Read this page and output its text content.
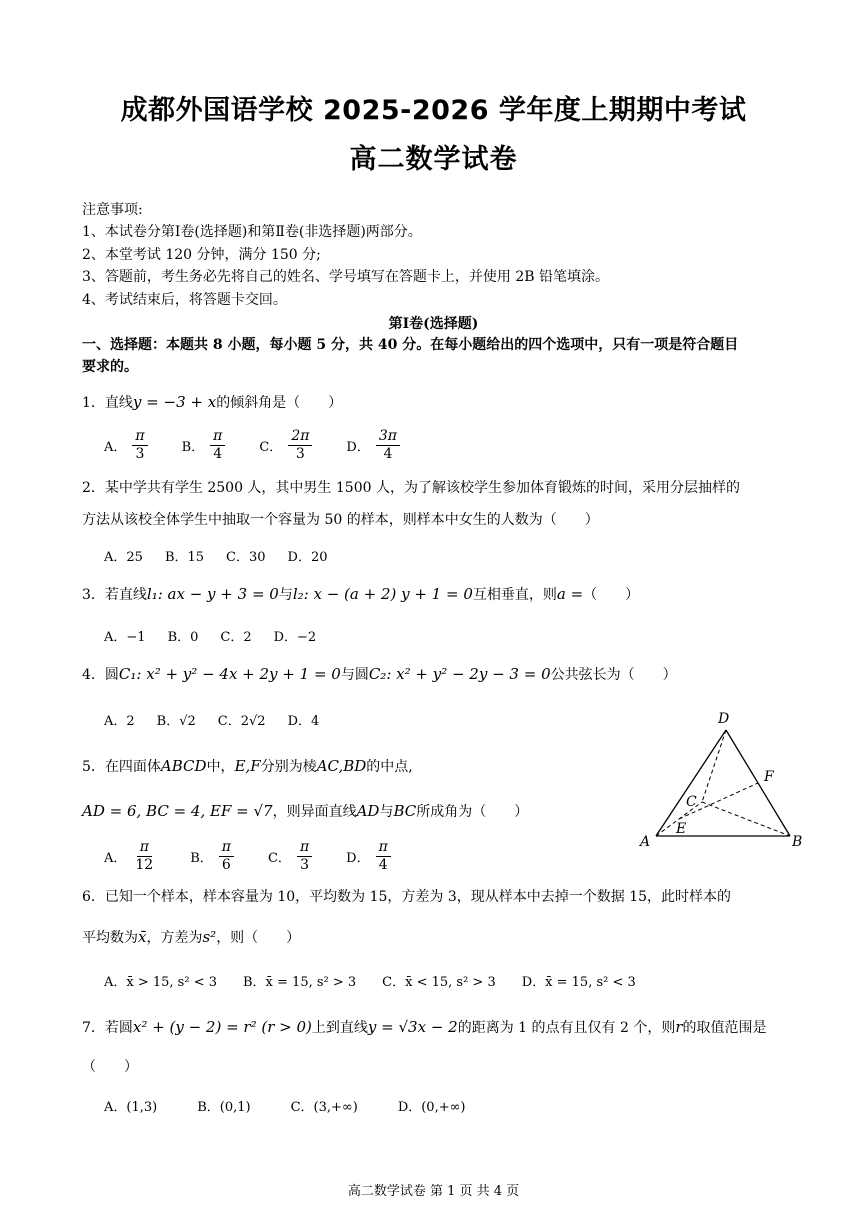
成都外国语学校 2025-2026 学年度上期期中考试
高二数学试卷
注意事项:
1、本试卷分第Ⅰ卷(选择题)和第Ⅱ卷(非选择题)两部分。
2、本堂考试 120 分钟，满分 150 分;
3、答题前，考生务必先将自己的姓名、学号填写在答题卡上，并使用 2B 铅笔填涂。
4、考试结束后，将答题卡交回。
第Ⅰ卷(选择题)
一、选择题：本题共 8 小题，每小题 5 分，共 40 分。在每小题给出的四个选项中，只有一项是符合题目
要求的。
1．直线y = −3 + x的倾斜角是（　　）
A． $\frac{\pi}{3}$	B． $\frac{\pi}{4}$	C． $\frac{2\pi}{3}$	D． $\frac{3\pi}{4}$
2．某中学共有学生 2500 人，其中男生 1500 人，为了解该校学生参加体育锻炼的时间，采用分层抽样的
方法从该校全体学生中抽取一个容量为 50 的样本，则样本中女生的人数为（　　）
A．25 B．15 C．30 D．20
3．若直线l₁: ax − y + 3 = 0与l₂: x − (a + 2) y + 1 = 0互相垂直，则a =（　　）
A．−1 B．0 C．2 D．−2
4．圆C₁: x² + y² − 4x + 2y + 1 = 0与圆C₂: x² + y² − 2y − 3 = 0公共弦长为（　　）
A．2 B．√2 C．2√2 D．4
5．在四面体ABCD中，E,F分别为棱AC,BD的中点,
AD = 6, BC = 4, EF = √7，则异面直线AD与BC所成角为（　　）
A． $\frac{\pi}{12}$	B． $\frac{\pi}{6}$	C． $\frac{\pi}{3}$	D． $\frac{\pi}{4}$
D
F
C
E
A	B
6．已知一个样本，样本容量为 10，平均数为 15，方差为 3，现从样本中去掉一个数据 15，此时样本的
平均数为x̄，方差为s²，则（　　）
A．x̄ > 15, s² < 3 B．x̄ = 15, s² > 3 C．x̄ < 15, s² > 3 D．x̄ = 15, s² < 3
7．若圆x² + (y − 2) = r² (r > 0)上到直线y = √3x − 2的距离为 1 的点有且仅有 2 个，则r的取值范围是
（　　）
A．(1,3)	B．(0,1)	C．(3,+∞)	D．(0,+∞)
高二数学试卷 第 1 页 共 4 页
